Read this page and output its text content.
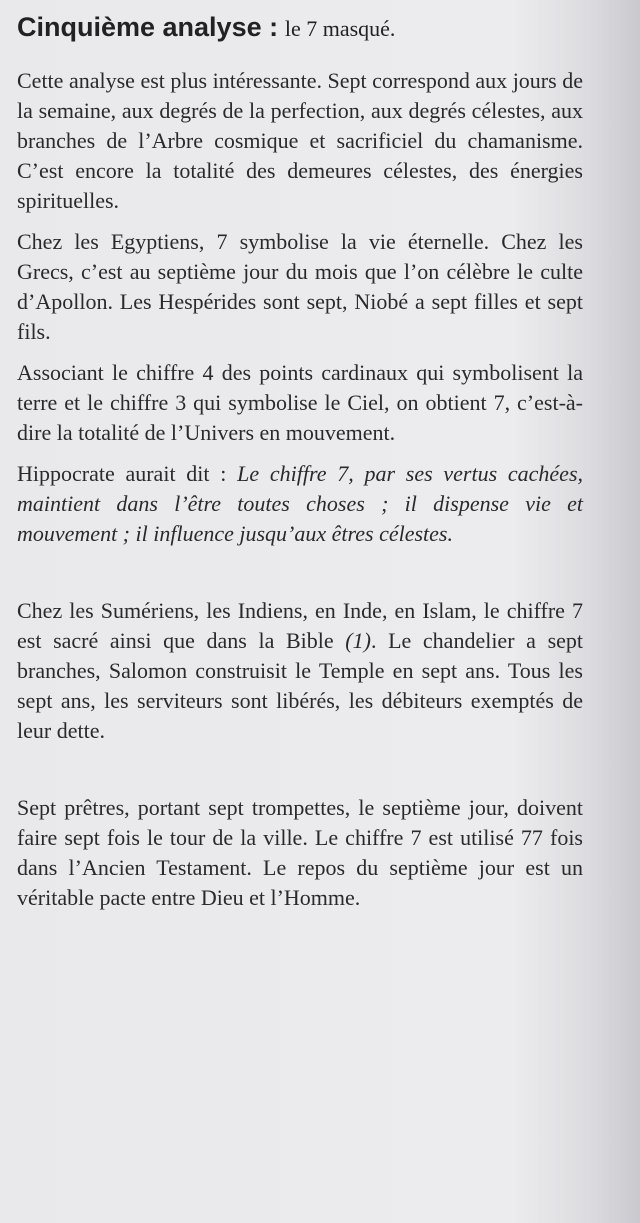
Cinquième analyse : le 7 masqué.

Cette analyse est plus intéressante. Sept correspond aux jours de la semaine, aux degrés de la perfection, aux degrés célestes, aux branches de l’Arbre cosmique et sacrificiel du chamanisme. C’est encore la totalité des demeures célestes, des énergies spirituelles.

Chez les Egyptiens, 7 symbolise la vie éternelle. Chez les Grecs, c’est au septième jour du mois que l’on célèbre le culte d’Apollon. Les Hespérides sont sept, Niobé a sept filles et sept fils.

Associant le chiffre 4 des points cardinaux qui symbolisent la terre et le chiffre 3 qui symbolise le Ciel, on obtient 7, c’est-à-dire la totalité de l’Univers en mouvement.

Hippocrate aurait dit : Le chiffre 7, par ses vertus cachées, maintient dans l’être toutes choses ; il dispense vie et mouvement ; il influence jusqu’aux êtres célestes.

Chez les Sumériens, les Indiens, en Inde, en Islam, le chiffre 7 est sacré ainsi que dans la Bible (1). Le chandelier a sept branches, Salomon construisit le Temple en sept ans. Tous les sept ans, les serviteurs sont libérés, les débiteurs exemptés de leur dette.

Sept prêtres, portant sept trompettes, le septième jour, doivent faire sept fois le tour de la ville. Le chiffre 7 est utilisé 77 fois dans l’Ancien Testament. Le repos du septième jour est un véritable pacte entre Dieu et l’Homme.
